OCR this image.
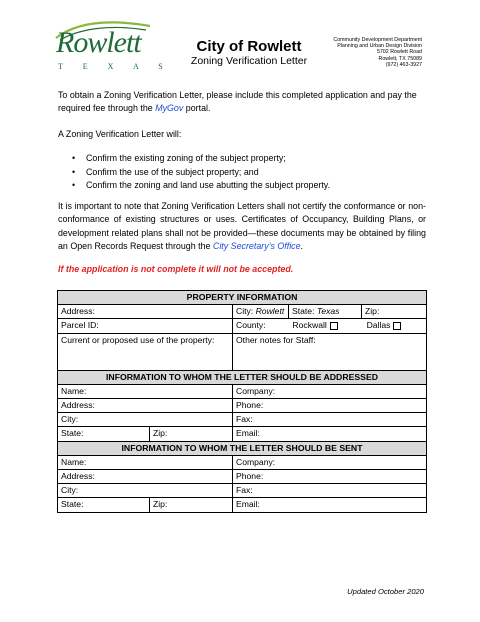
Rowlett
T E X A S
City of Rowlett
Zoning Verification Letter
Community Development Department
Planning and Urban Design Division
5702 Rowlett Road
Rowlett, TX 75089
(972) 463-3927
To obtain a Zoning Verification Letter, please include this completed application and pay the required fee through the MyGov portal.
A Zoning Verification Letter will:
• Confirm the existing zoning of the subject property;
• Confirm the use of the subject property; and
• Confirm the zoning and land use abutting the subject property.
It is important to note that Zoning Verification Letters shall not certify the conformance or non-conformance of existing structures or uses. Certificates of Occupancy, Building Plans, or development related plans shall not be provided—these documents may be obtained by filing an Open Records Request through the City Secretary’s Office.
If the application is not complete it will not be accepted.
PROPERTY INFORMATION				
Address:		City: Rowlett	State: Texas	Zip:
Parcel ID:		County: Rockwall Dallas		
Current or proposed use of the property:		Other notes for Staff:		
INFORMATION TO WHOM THE LETTER SHOULD BE ADDRESSED				
Name:		Company:		
Address:		Phone:		
City:		Fax:		
State:	Zip:	Email:		
INFORMATION TO WHOM THE LETTER SHOULD BE SENT				
Name:		Company:		
Address:		Phone:		
City:		Fax:		
State:	Zip:	Email:		
Updated October 2020
